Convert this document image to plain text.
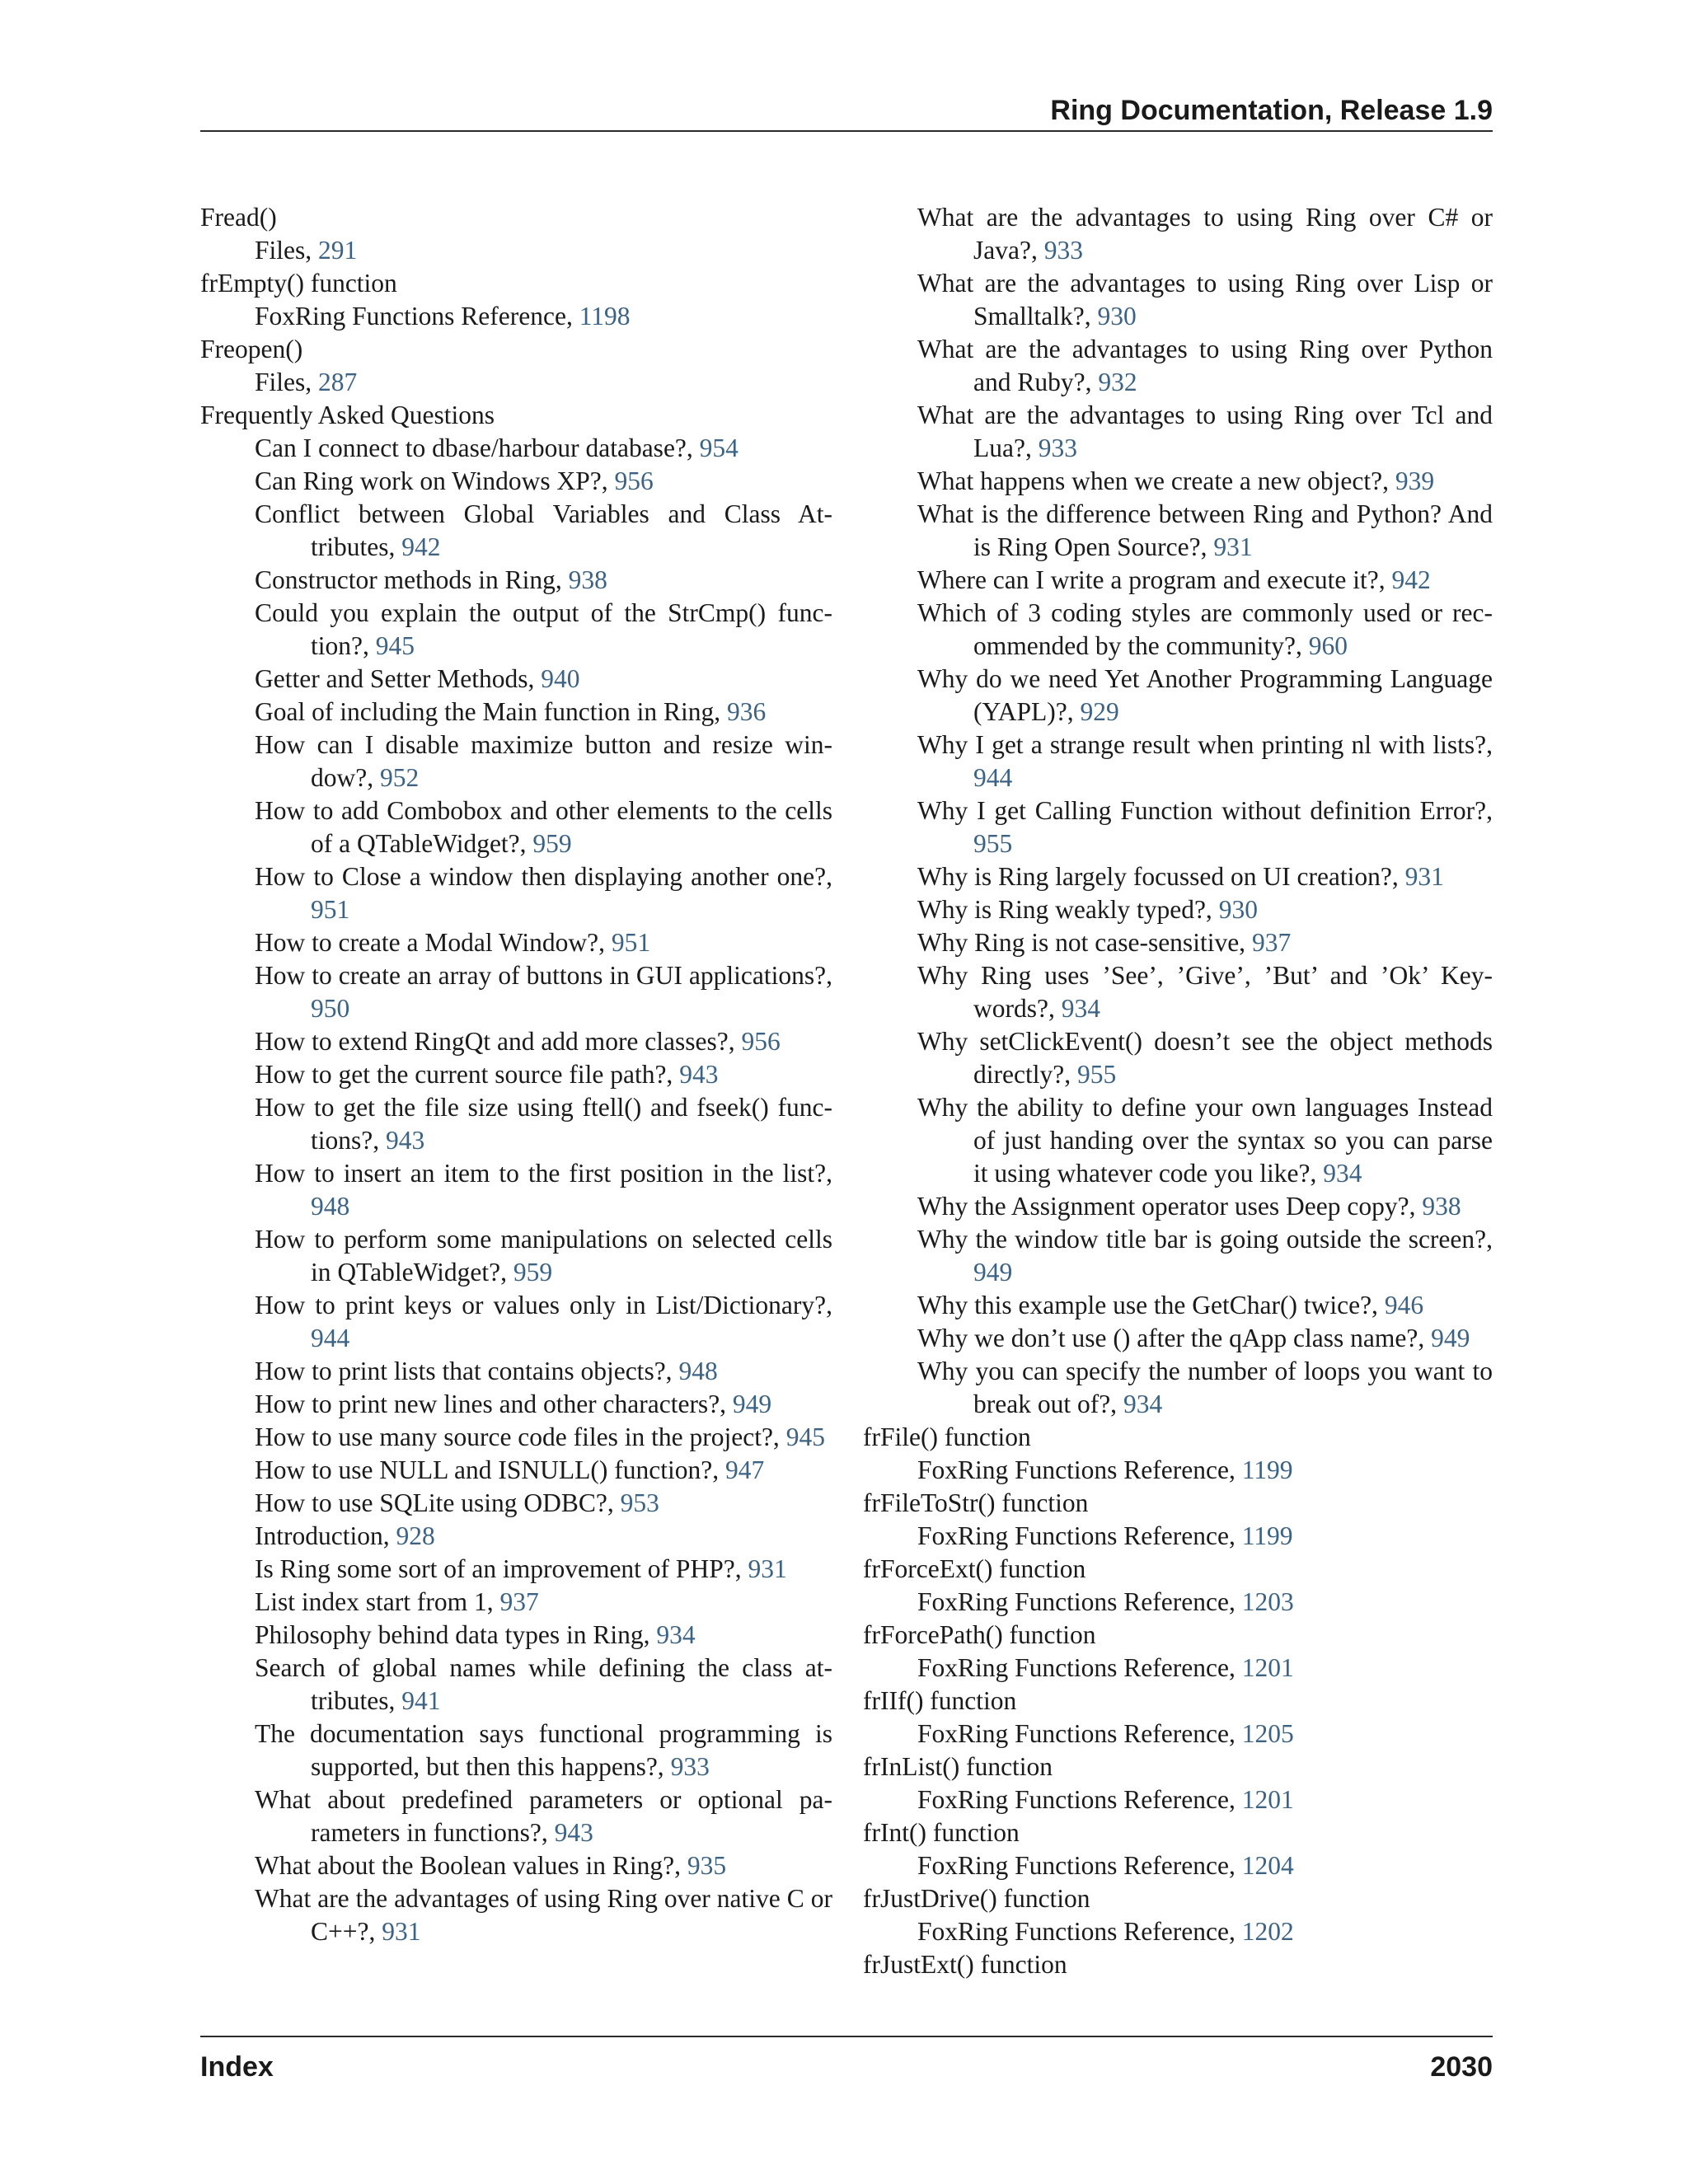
Ring Documentation, Release 1.9
Fread()
Files, 291
frEmpty() function
FoxRing Functions Reference, 1198
Freopen()
Files, 287
Frequently Asked Questions
Can I connect to dbase/harbour database?, 954
Can Ring work on Windows XP?, 956
Conflict between Global Variables and Class Attributes, 942
Constructor methods in Ring, 938
Could you explain the output of the StrCmp() function?, 945
Getter and Setter Methods, 940
Goal of including the Main function in Ring, 936
How can I disable maximize button and resize window?, 952
How to add Combobox and other elements to the cells of a QTableWidget?, 959
How to Close a window then displaying another one?, 951
How to create a Modal Window?, 951
How to create an array of buttons in GUI applications?, 950
How to extend RingQt and add more classes?, 956
How to get the current source file path?, 943
How to get the file size using ftell() and fseek() functions?, 943
How to insert an item to the first position in the list?, 948
How to perform some manipulations on selected cells in QTableWidget?, 959
How to print keys or values only in List/Dictionary?, 944
How to print lists that contains objects?, 948
How to print new lines and other characters?, 949
How to use many source code files in the project?, 945
How to use NULL and ISNULL() function?, 947
How to use SQLite using ODBC?, 953
Introduction, 928
Is Ring some sort of an improvement of PHP?, 931
List index start from 1, 937
Philosophy behind data types in Ring, 934
Search of global names while defining the class attributes, 941
The documentation says functional programming is supported, but then this happens?, 933
What about predefined parameters or optional parameters in functions?, 943
What about the Boolean values in Ring?, 935
What are the advantages of using Ring over native C or C++?, 931
What are the advantages to using Ring over C# or Java?, 933
What are the advantages to using Ring over Lisp or Smalltalk?, 930
What are the advantages to using Ring over Python and Ruby?, 932
What are the advantages to using Ring over Tcl and Lua?, 933
What happens when we create a new object?, 939
What is the difference between Ring and Python? And is Ring Open Source?, 931
Where can I write a program and execute it?, 942
Which of 3 coding styles are commonly used or recommended by the community?, 960
Why do we need Yet Another Programming Language (YAPL)?, 929
Why I get a strange result when printing nl with lists?, 944
Why I get Calling Function without definition Error?, 955
Why is Ring largely focussed on UI creation?, 931
Why is Ring weakly typed?, 930
Why Ring is not case-sensitive, 937
Why Ring uses ’See’, ’Give’, ’But’ and ’Ok’ Keywords?, 934
Why setClickEvent() doesn’t see the object methods directly?, 955
Why the ability to define your own languages Instead of just handing over the syntax so you can parse it using whatever code you like?, 934
Why the Assignment operator uses Deep copy?, 938
Why the window title bar is going outside the screen?, 949
Why this example use the GetChar() twice?, 946
Why we don’t use () after the qApp class name?, 949
Why you can specify the number of loops you want to break out of?, 934
frFile() function
FoxRing Functions Reference, 1199
frFileToStr() function
FoxRing Functions Reference, 1199
frForceExt() function
FoxRing Functions Reference, 1203
frForcePath() function
FoxRing Functions Reference, 1201
frIIf() function
FoxRing Functions Reference, 1205
frInList() function
FoxRing Functions Reference, 1201
frInt() function
FoxRing Functions Reference, 1204
frJustDrive() function
FoxRing Functions Reference, 1202
frJustExt() function
Index	2030
